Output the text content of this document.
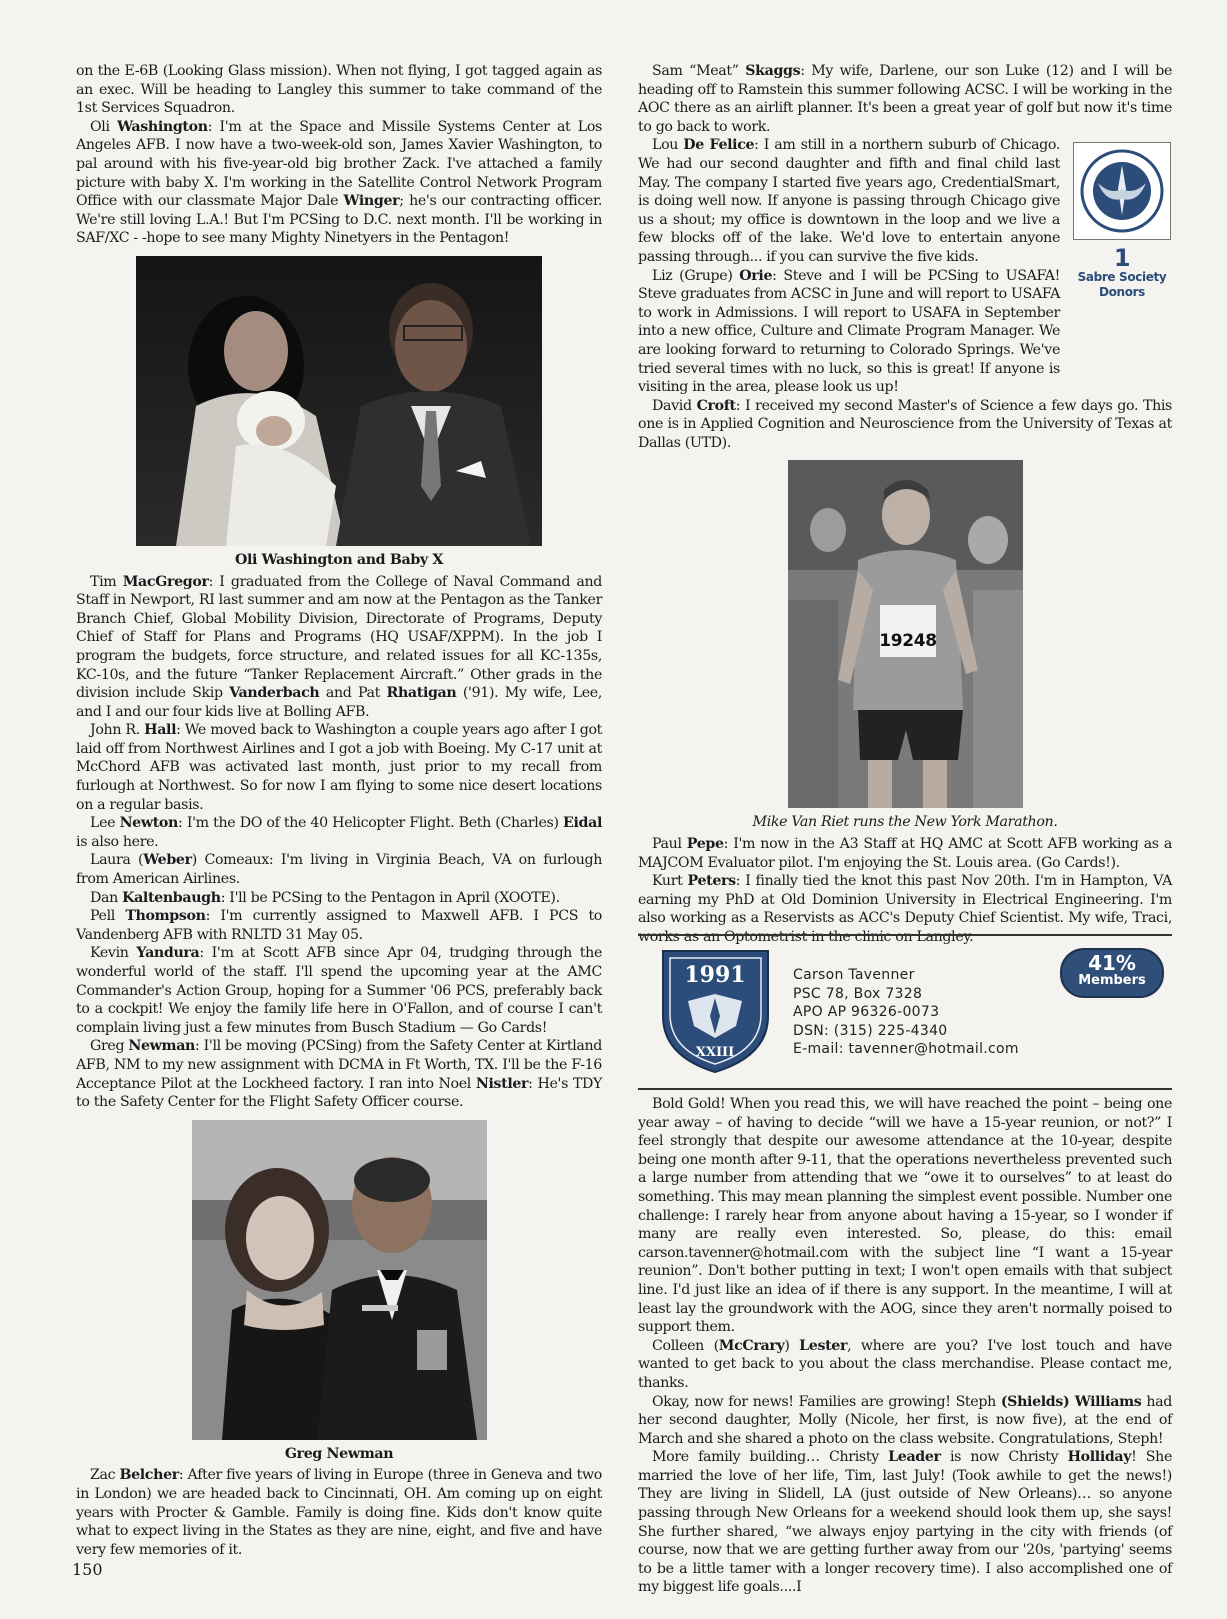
on the E-6B (Looking Glass mission). When not flying, I got tagged again as an exec. Will be heading to Langley this summer to take command of the 1st Services Squadron.

Oli Washington: I'm at the Space and Missile Systems Center at Los Angeles AFB. I now have a two-week-old son, James Xavier Washington, to pal around with his five-year-old big brother Zack. I've attached a family picture with baby X. I'm working in the Satellite Control Network Program Office with our classmate Major Dale Winger; he's our contracting officer. We're still loving L.A.! But I'm PCSing to D.C. next month. I'll be working in SAF/XC - -hope to see many Mighty Ninetyers in the Pentagon!

Oli Washington and Baby X

Tim MacGregor: I graduated from the College of Naval Command and Staff in Newport, RI last summer and am now at the Pentagon as the Tanker Branch Chief, Global Mobility Division, Directorate of Programs, Deputy Chief of Staff for Plans and Programs (HQ USAF/XPPM). In the job I program the budgets, force structure, and related issues for all KC-135s, KC-10s, and the future “Tanker Replacement Aircraft.” Other grads in the division include Skip Vanderbach and Pat Rhatigan ('91). My wife, Lee, and I and our four kids live at Bolling AFB.

John R. Hall: We moved back to Washington a couple years ago after I got laid off from Northwest Airlines and I got a job with Boeing. My C-17 unit at McChord AFB was activated last month, just prior to my recall from furlough at Northwest. So for now I am flying to some nice desert locations on a regular basis.

Lee Newton: I'm the DO of the 40 Helicopter Flight. Beth (Charles) Eidal is also here.

Laura (Weber) Comeaux: I'm living in Virginia Beach, VA on furlough from American Airlines.

Dan Kaltenbaugh: I'll be PCSing to the Pentagon in April (XOOTE).

Pell Thompson: I'm currently assigned to Maxwell AFB. I PCS to Vandenberg AFB with RNLTD 31 May 05.

Kevin Yandura: I'm at Scott AFB since Apr 04, trudging through the wonderful world of the staff. I'll spend the upcoming year at the AMC Commander's Action Group, hoping for a Summer '06 PCS, preferably back to a cockpit! We enjoy the family life here in O'Fallon, and of course I can't complain living just a few minutes from Busch Stadium — Go Cards!

Greg Newman: I'll be moving (PCSing) from the Safety Center at Kirtland AFB, NM to my new assignment with DCMA in Ft Worth, TX. I'll be the F-16 Acceptance Pilot at the Lockheed factory. I ran into Noel Nistler: He's TDY to the Safety Center for the Flight Safety Officer course.

Greg Newman

Zac Belcher: After five years of living in Europe (three in Geneva and two in London) we are headed back to Cincinnati, OH. Am coming up on eight years with Procter & Gamble. Family is doing fine. Kids don't know quite what to expect living in the States as they are nine, eight, and five and have very few memories of it.

Sam “Meat” Skaggs: My wife, Darlene, our son Luke (12) and I will be heading off to Ramstein this summer following ACSC. I will be working in the AOC there as an airlift planner. It's been a great year of golf but now it's time to go back to work.

1
Sabre Society
Donors

Lou De Felice: I am still in a northern suburb of Chicago. We had our second daughter and fifth and final child last May. The company I started five years ago, CredentialSmart, is doing well now. If anyone is passing through Chicago give us a shout; my office is downtown in the loop and we live a few blocks off of the lake. We'd love to entertain anyone passing through... if you can survive the five kids.

Liz (Grupe) Orie: Steve and I will be PCSing to USAFA! Steve graduates from ACSC in June and will report to USAFA to work in Admissions. I will report to USAFA in September into a new office, Culture and Climate Program Manager. We are looking forward to returning to Colorado Springs. We've tried several times with no luck, so this is great! If anyone is visiting in the area, please look us up!

David Croft: I received my second Master's of Science a few days go. This one is in Applied Cognition and Neuroscience from the University of Texas at Dallas (UTD).

19248
Mike Van Riet runs the New York Marathon.

Paul Pepe: I'm now in the A3 Staff at HQ AMC at Scott AFB working as a MAJCOM Evaluator pilot. I'm enjoying the St. Louis area. (Go Cards!).

Kurt Peters: I finally tied the knot this past Nov 20th. I'm in Hampton, VA earning my PhD at Old Dominion University in Electrical Engineering. I'm also working as a Reservists as ACC's Deputy Chief Scientist. My wife, Traci, works as an Optometrist in the clinic on Langley.

1991
XXIII
Carson Tavenner
PSC 78, Box 7328
APO AP 96326-0073
DSN: (315) 225-4340
E-mail: tavenner@hotmail.com
41%
Members

Bold Gold! When you read this, we will have reached the point – being one year away – of having to decide “will we have a 15-year reunion, or not?” I feel strongly that despite our awesome attendance at the 10-year, despite being one month after 9-11, that the operations nevertheless prevented such a large number from attending that we “owe it to ourselves” to at least do something. This may mean planning the simplest event possible. Number one challenge: I rarely hear from anyone about having a 15-year, so I wonder if many are really even interested. So, please, do this: email carson.tavenner@hotmail.com with the subject line “I want a 15-year reunion”. Don't bother putting in text; I won't open emails with that subject line. I'd just like an idea of if there is any support. In the meantime, I will at least lay the groundwork with the AOG, since they aren't normally poised to support them.

Colleen (McCrary) Lester, where are you? I've lost touch and have wanted to get back to you about the class merchandise. Please contact me, thanks.

Okay, now for news! Families are growing! Steph (Shields) Williams had her second daughter, Molly (Nicole, her first, is now five), at the end of March and she shared a photo on the class website. Congratulations, Steph!

More family building… Christy Leader is now Christy Holliday! She married the love of her life, Tim, last July! (Took awhile to get the news!) They are living in Slidell, LA (just outside of New Orleans)… so anyone passing through New Orleans for a weekend should look them up, she says! She further shared, “we always enjoy partying in the city with friends (of course, now that we are getting further away from our '20s, 'partying' seems to be a little tamer with a longer recovery time). I also accomplished one of my biggest life goals....I

150
